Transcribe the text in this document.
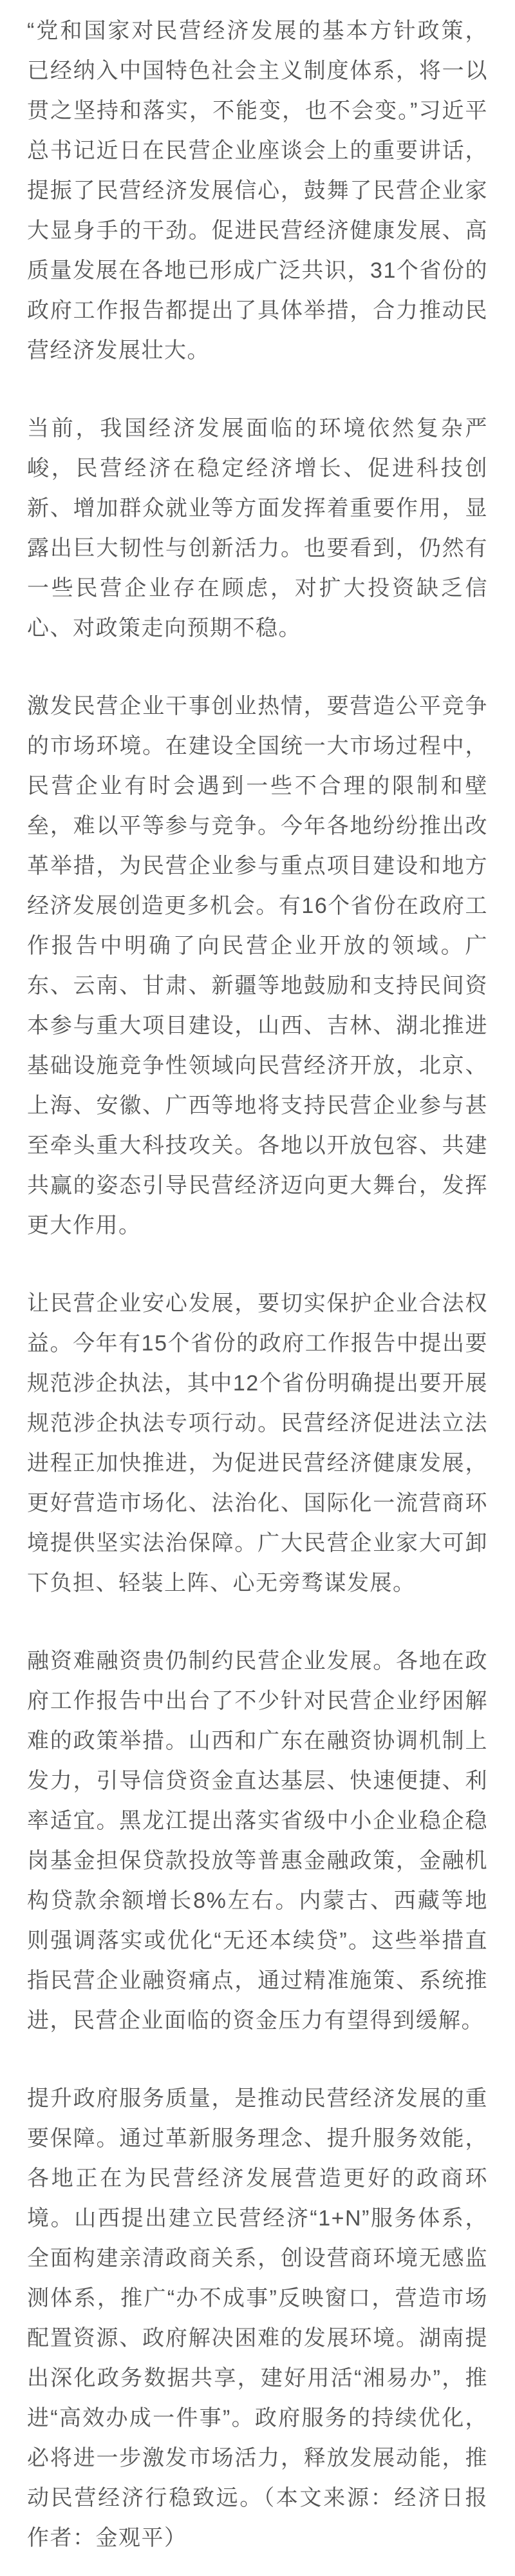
“党和国家对民营经济发展的基本方针政策，已经纳入中国特色社会主义制度体系，将一以贯之坚持和落实，不能变，也不会变。”习近平总书记近日在民营企业座谈会上的重要讲话，提振了民营经济发展信心，鼓舞了民营企业家大显身手的干劲。促进民营经济健康发展、高质量发展在各地已形成广泛共识，31个省份的政府工作报告都提出了具体举措，合力推动民营经济发展壮大。

当前，我国经济发展面临的环境依然复杂严峻，民营经济在稳定经济增长、促进科技创新、增加群众就业等方面发挥着重要作用，显露出巨大韧性与创新活力。也要看到，仍然有一些民营企业存在顾虑，对扩大投资缺乏信心、对政策走向预期不稳。

激发民营企业干事创业热情，要营造公平竞争的市场环境。在建设全国统一大市场过程中，民营企业有时会遇到一些不合理的限制和壁垒，难以平等参与竞争。今年各地纷纷推出改革举措，为民营企业参与重点项目建设和地方经济发展创造更多机会。有16个省份在政府工作报告中明确了向民营企业开放的领域。广东、云南、甘肃、新疆等地鼓励和支持民间资本参与重大项目建设，山西、吉林、湖北推进基础设施竞争性领域向民营经济开放，北京、上海、安徽、广西等地将支持民营企业参与甚至牵头重大科技攻关。各地以开放包容、共建共赢的姿态引导民营经济迈向更大舞台，发挥更大作用。

让民营企业安心发展，要切实保护企业合法权益。今年有15个省份的政府工作报告中提出要规范涉企执法，其中12个省份明确提出要开展规范涉企执法专项行动。民营经济促进法立法进程正加快推进，为促进民营经济健康发展，更好营造市场化、法治化、国际化一流营商环境提供坚实法治保障。广大民营企业家大可卸下负担、轻装上阵、心无旁骛谋发展。

融资难融资贵仍制约民营企业发展。各地在政府工作报告中出台了不少针对民营企业纾困解难的政策举措。山西和广东在融资协调机制上发力，引导信贷资金直达基层、快速便捷、利率适宜。黑龙江提出落实省级中小企业稳企稳岗基金担保贷款投放等普惠金融政策，金融机构贷款余额增长8%左右。内蒙古、西藏等地则强调落实或优化“无还本续贷”。这些举措直指民营企业融资痛点，通过精准施策、系统推进，民营企业面临的资金压力有望得到缓解。

提升政府服务质量，是推动民营经济发展的重要保障。通过革新服务理念、提升服务效能，各地正在为民营经济发展营造更好的政商环境。山西提出建立民营经济“1+N”服务体系，全面构建亲清政商关系，创设营商环境无感监测体系，推广“办不成事”反映窗口，营造市场配置资源、政府解决困难的发展环境。湖南提出深化政务数据共享，建好用活“湘易办”，推进“高效办成一件事”。政府服务的持续优化，必将进一步激发市场活力，释放发展动能，推动民营经济行稳致远。（本文来源：经济日报 作者：金观平）
